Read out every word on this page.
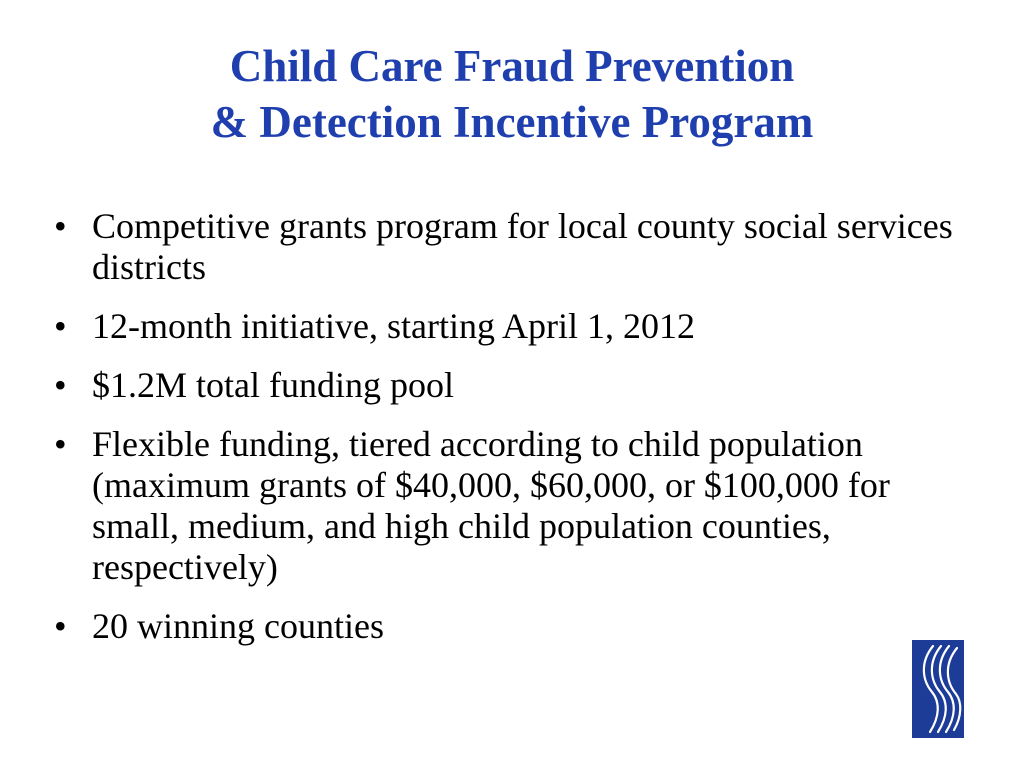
Child Care Fraud Prevention
& Detection Incentive Program
• Competitive grants program for local county social services districts
• 12-month initiative, starting April 1, 2012
• $1.2M total funding pool
• Flexible funding, tiered according to child population (maximum grants of $40,000, $60,000, or $100,000 for small, medium, and high child population counties, respectively)
• 20 winning counties
